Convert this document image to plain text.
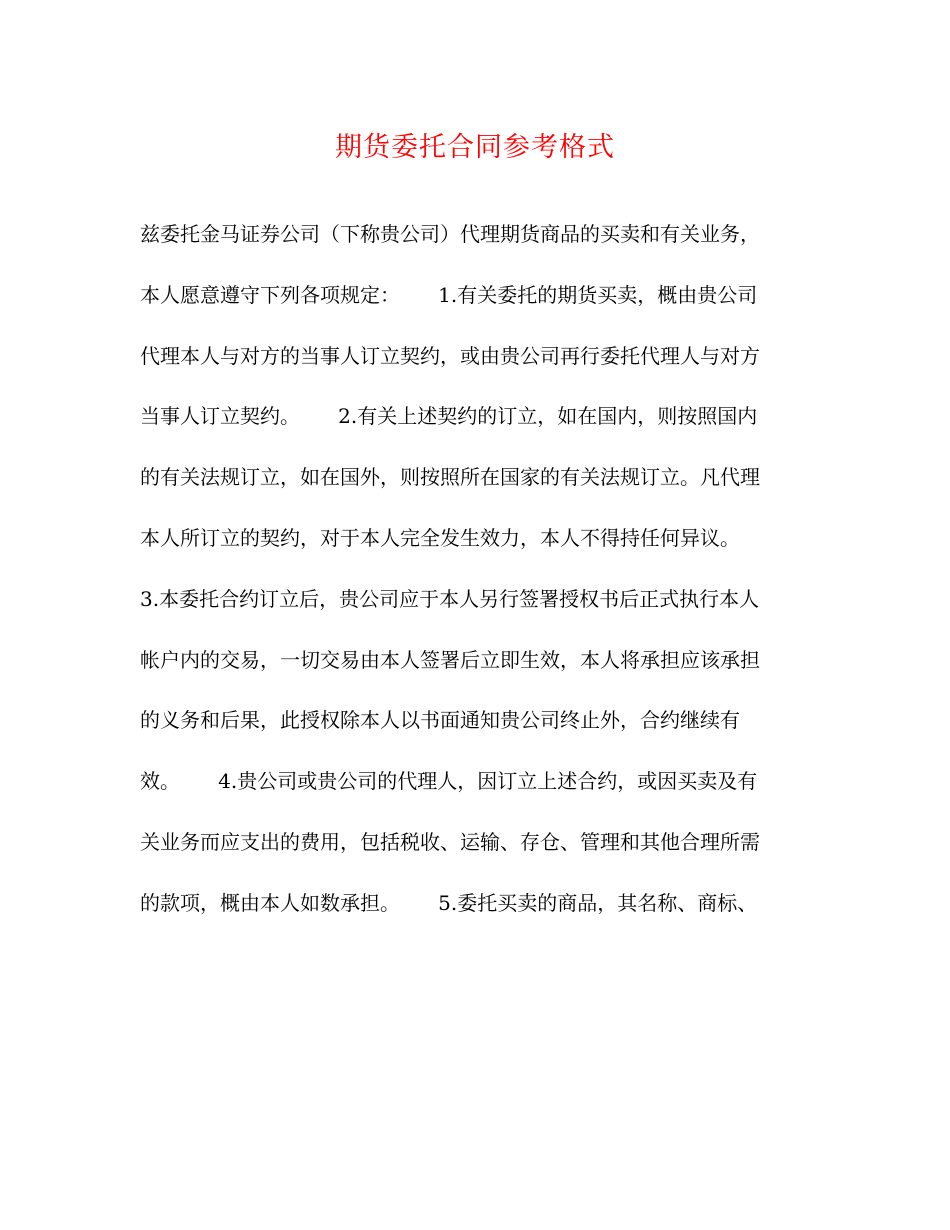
期货委托合同参考格式
兹委托金马证券公司（下称贵公司）代理期货商品的买卖和有关业务，
本人愿意遵守下列各项规定：      1.有关委托的期货买卖，概由贵公司
代理本人与对方的当事人订立契约，或由贵公司再行委托代理人与对方
当事人订立契约。      2.有关上述契约的订立，如在国内，则按照国内
的有关法规订立，如在国外，则按照所在国家的有关法规订立。凡代理
本人所订立的契约，对于本人完全发生效力，本人不得持任何异议。
3.本委托合约订立后，贵公司应于本人另行签署授权书后正式执行本人
帐户内的交易，一切交易由本人签署后立即生效，本人将承担应该承担
的义务和后果，此授权除本人以书面通知贵公司终止外，合约继续有
效。      4.贵公司或贵公司的代理人，因订立上述合约，或因买卖及有
关业务而应支出的费用，包括税收、运输、存仓、管理和其他合理所需
的款项，概由本人如数承担。      5.委托买卖的商品，其名称、商标、
